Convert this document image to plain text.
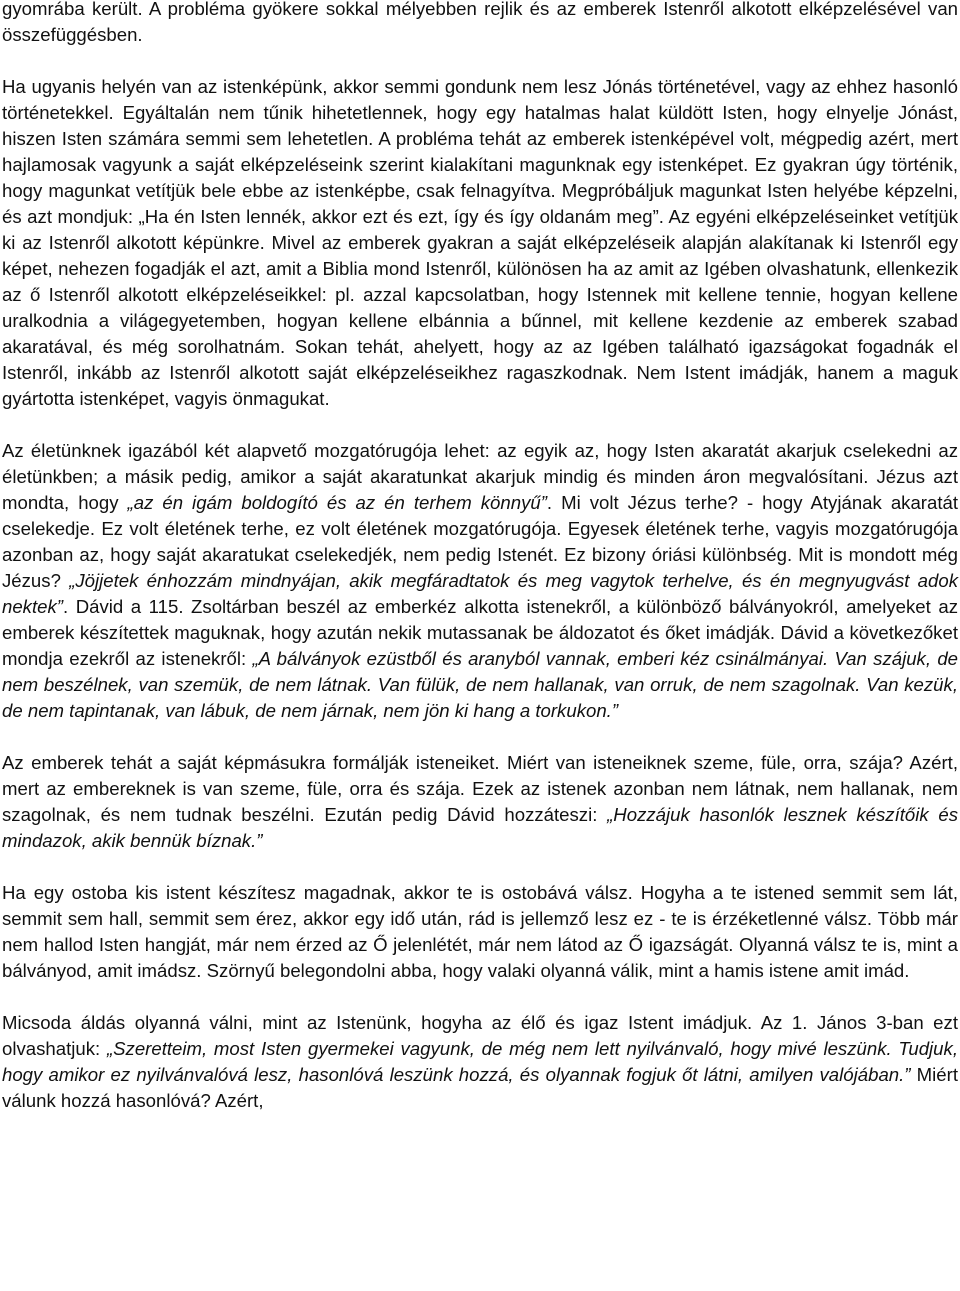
gyomrába került. A probléma gyökere sokkal mélyebben rejlik és az emberek Istenről alkotott elképzelésével van összefüggésben.

Ha ugyanis helyén van az istenképünk, akkor semmi gondunk nem lesz Jónás történetével, vagy az ehhez hasonló történetekkel. Egyáltalán nem tűnik hihetetlennek, hogy egy hatalmas halat küldött Isten, hogy elnyelje Jónást, hiszen Isten számára semmi sem lehetetlen. A probléma tehát az emberek istenképével volt, mégpedig azért, mert hajlamosak vagyunk a saját elképzeléseink szerint kialakítani magunknak egy istenképet. Ez gyakran úgy történik, hogy magunkat vetítjük bele ebbe az istenképbe, csak felnagyítva. Megpróbáljuk magunkat Isten helyébe képzelni, és azt mondjuk: „Ha én Isten lennék, akkor ezt és ezt, így és így oldanám meg”. Az egyéni elképzeléseinket vetítjük ki az Istenről alkotott képünkre. Mivel az emberek gyakran a saját elképzeléseik alapján alakítanak ki Istenről egy képet, nehezen fogadják el azt, amit a Biblia mond Istenről, különösen ha az amit az Igében olvashatunk, ellenkezik az ő Istenről alkotott elképzeléseikkel: pl. azzal kapcsolatban, hogy Istennek mit kellene tennie, hogyan kellene uralkodnia a világegyetemben, hogyan kellene elbánnia a bűnnel, mit kellene kezdenie az emberek szabad akaratával, és még sorolhatnám. Sokan tehát, ahelyett, hogy az az Igében található igazságokat fogadnák el Istenről, inkább az Istenről alkotott saját elképzeléseikhez ragaszkodnak. Nem Istent imádják, hanem a maguk gyártotta istenképet, vagyis önmagukat.

Az életünknek igazából két alapvető mozgatórugója lehet: az egyik az, hogy Isten akaratát akarjuk cselekedni az életünkben; a másik pedig, amikor a saját akaratunkat akarjuk mindig és minden áron megvalósítani. Jézus azt mondta, hogy „az én igám boldogító és az én terhem könnyű”. Mi volt Jézus terhe? - hogy Atyjának akaratát cselekedje. Ez volt életének terhe, ez volt életének mozgatórugója. Egyesek életének terhe, vagyis mozgatórugója azonban az, hogy saját akaratukat cselekedjék, nem pedig Istenét. Ez bizony óriási különbség. Mit is mondott még Jézus? „Jöjjetek énhozzám mindnyájan, akik megfáradtatok és meg vagytok terhelve, és én megnyugvást adok nektek”. Dávid a 115. Zsoltárban beszél az emberkéz alkotta istenekről, a különböző bálványokról, amelyeket az emberek készítettek maguknak, hogy azután nekik mutassanak be áldozatot és őket imádják. Dávid a következőket mondja ezekről az istenekről: „A bálványok ezüstből és aranyból vannak, emberi kéz csinálmányai. Van szájuk, de nem beszélnek, van szemük, de nem látnak. Van fülük, de nem hallanak, van orruk, de nem szagolnak. Van kezük, de nem tapintanak, van lábuk, de nem járnak, nem jön ki hang a torkukon.”

Az emberek tehát a saját képmásukra formálják isteneiket. Miért van isteneiknek szeme, füle, orra, szája? Azért, mert az embereknek is van szeme, füle, orra és szája. Ezek az istenek azonban nem látnak, nem hallanak, nem szagolnak, és nem tudnak beszélni. Ezután pedig Dávid hozzáteszi: „Hozzájuk hasonlók lesznek készítőik és mindazok, akik bennük bíznak.”

Ha egy ostoba kis istent készítesz magadnak, akkor te is ostobává válsz. Hogyha a te istened semmit sem lát, semmit sem hall, semmit sem érez, akkor egy idő után, rád is jellemző lesz ez - te is érzéketlenné válsz. Több már nem hallod Isten hangját, már nem érzed az Ő jelenlétét, már nem látod az Ő igazságát. Olyanná válsz te is, mint a bálványod, amit imádsz. Szörnyű belegondolni abba, hogy valaki olyanná válik, mint a hamis istene amit imád.

Micsoda áldás olyanná válni, mint az Istenünk, hogyha az élő és igaz Istent imádjuk. Az 1. János 3-ban ezt olvashatjuk: „Szeretteim, most Isten gyermekei vagyunk, de még nem lett nyilvánvaló, hogy mivé leszünk. Tudjuk, hogy amikor ez nyilvánvalóvá lesz, hasonlóvá leszünk hozzá, és olyannak fogjuk őt látni, amilyen valójában.” Miért válunk hozzá hasonlóvá? Azért,
